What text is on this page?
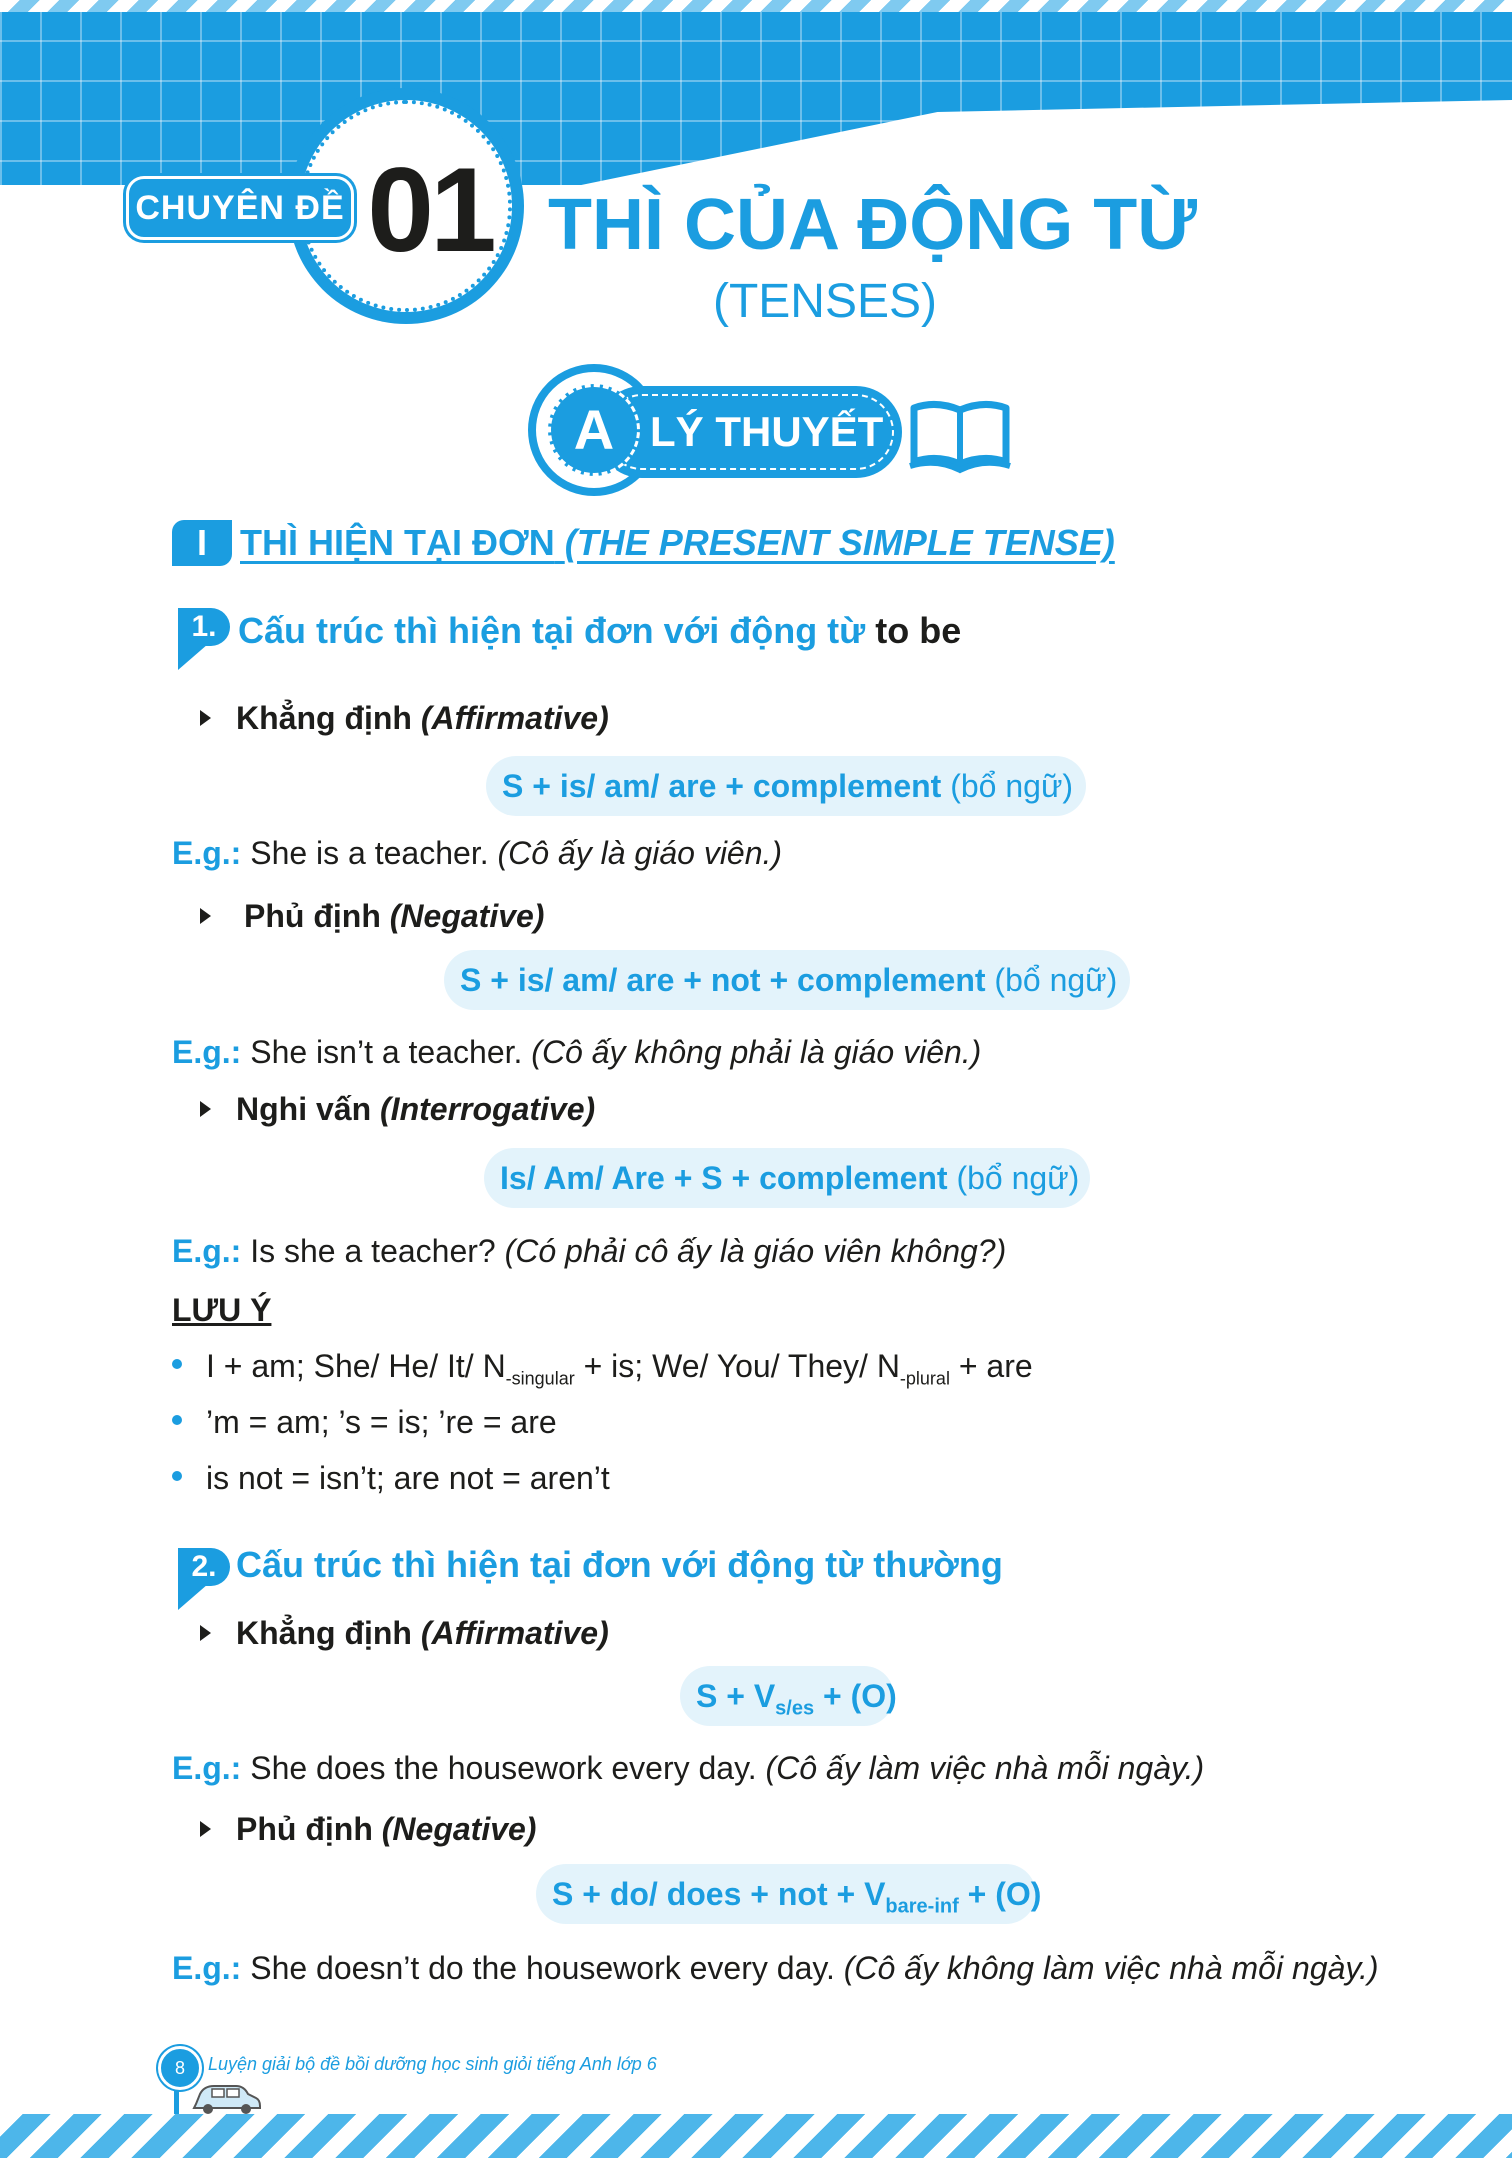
CHUYÊN ĐỀ 01 THÌ CỦA ĐỘNG TỪ
(TENSES)
A LÝ THUYẾT
I THÌ HIỆN TẠI ĐƠN (THE PRESENT SIMPLE TENSE)
1. Cấu trúc thì hiện tại đơn với động từ to be
Khẳng định (Affirmative)
S + is/ am/ are + complement (bổ ngữ)
E.g.: She is a teacher. (Cô ấy là giáo viên.)
Phủ định (Negative)
S + is/ am/ are + not + complement (bổ ngữ)
E.g.: She isn’t a teacher. (Cô ấy không phải là giáo viên.)
Nghi vấn (Interrogative)
Is/ Am/ Are + S + complement (bổ ngữ)
E.g.: Is she a teacher? (Có phải cô ấy là giáo viên không?)
LƯU Ý
I + am; She/ He/ It/ $N_{-singular}$ + is; We/ You/ They/ $N_{-plural}$ + are
’m = am; ’s = is; ’re = are
is not = isn’t; are not = aren’t
2. Cấu trúc thì hiện tại đơn với động từ thường
Khẳng định (Affirmative)
$S + V_{s/es} + (O)$
E.g.: She does the housework every day. (Cô ấy làm việc nhà mỗi ngày.)
Phủ định (Negative)
S + do/ does + not + $V_{bare-inf} + (O)$
E.g.: She doesn’t do the housework every day. (Cô ấy không làm việc nhà mỗi ngày.)
8	Luyện giải bộ đề bồi dưỡng học sinh giỏi tiếng Anh lớp 6
